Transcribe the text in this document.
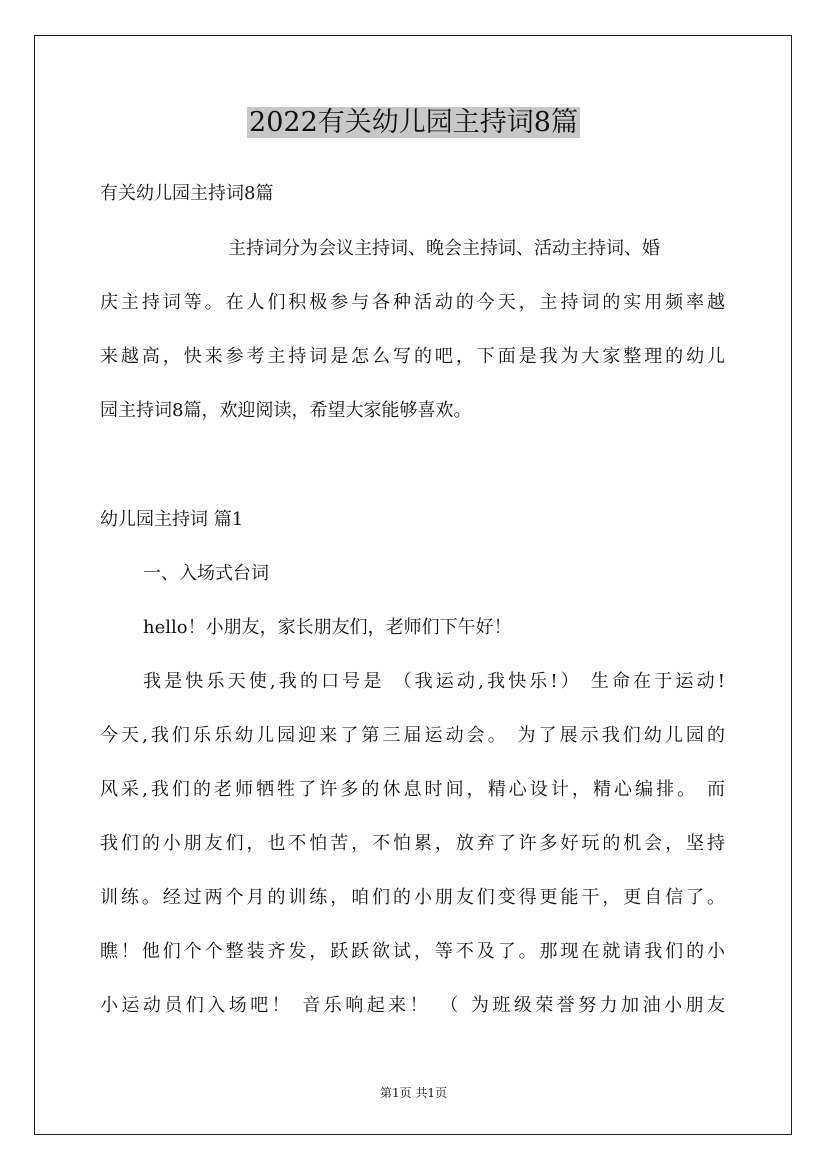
2022有关幼儿园主持词8篇
有关幼儿园主持词8篇
主持词分为会议主持词、晚会主持词、活动主持词、婚
庆主持词等。在人们积极参与各种活动的今天，主持词的实用频率越
来越高，快来参考主持词是怎么写的吧，下面是我为大家整理的幼儿
园主持词8篇，欢迎阅读，希望大家能够喜欢。
幼儿园主持词 篇1
一、入场式台词
hello！小朋友，家长朋友们，老师们下午好！
我是快乐天使,我的口号是 （我运动,我快乐!） 生命在于运动!
今天,我们乐乐幼儿园迎来了第三届运动会。 为了展示我们幼儿园的
风采,我们的老师牺牲了许多的休息时间，精心设计，精心编排。 而
我们的小朋友们，也不怕苦，不怕累，放弃了许多好玩的机会，坚持
训练。经过两个月的训练，咱们的小朋友们变得更能干，更自信了。
瞧！他们个个整装齐发，跃跃欲试，等不及了。那现在就请我们的小
小运动员们入场吧！ 音乐响起来！ （ 为班级荣誉努力加油小朋友
第1页 共1页
